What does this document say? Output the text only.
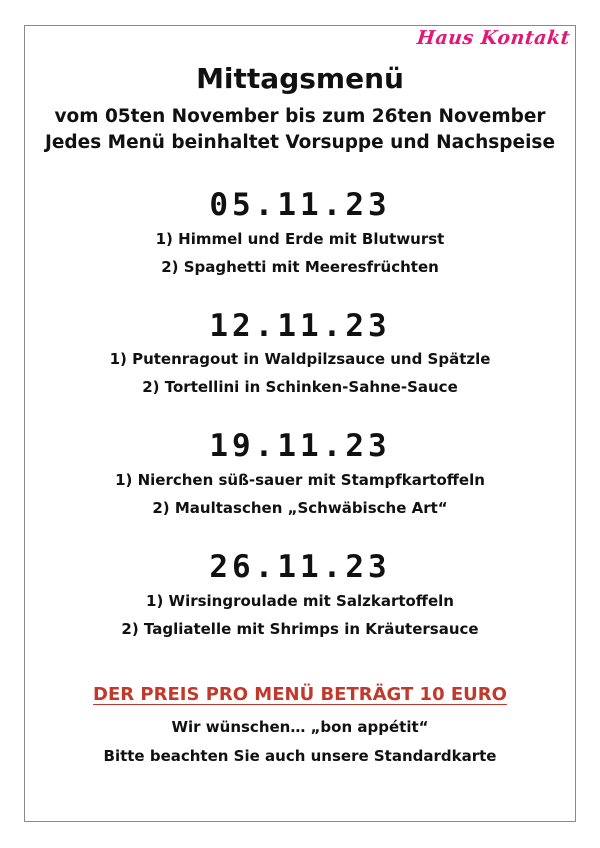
Haus Kontakt
Mittagsmenü
vom 05ten November bis zum 26ten November
Jedes Menü beinhaltet Vorsuppe und Nachspeise
05.11.23
1) Himmel und Erde mit Blutwurst
2) Spaghetti mit Meeresfrüchten
12.11.23
1) Putenragout in Waldpilzsauce und Spätzle
2) Tortellini in Schinken-Sahne-Sauce
19.11.23
1) Nierchen süß-sauer mit Stampfkartoffeln
2) Maultaschen „Schwäbische Art“
26.11.23
1) Wirsingroulade mit Salzkartoffeln
2) Tagliatelle mit Shrimps in Kräutersauce
DER PREIS PRO MENÜ BETRÄGT 10 EURO
Wir wünschen… „bon appétit“
Bitte beachten Sie auch unsere Standardkarte
